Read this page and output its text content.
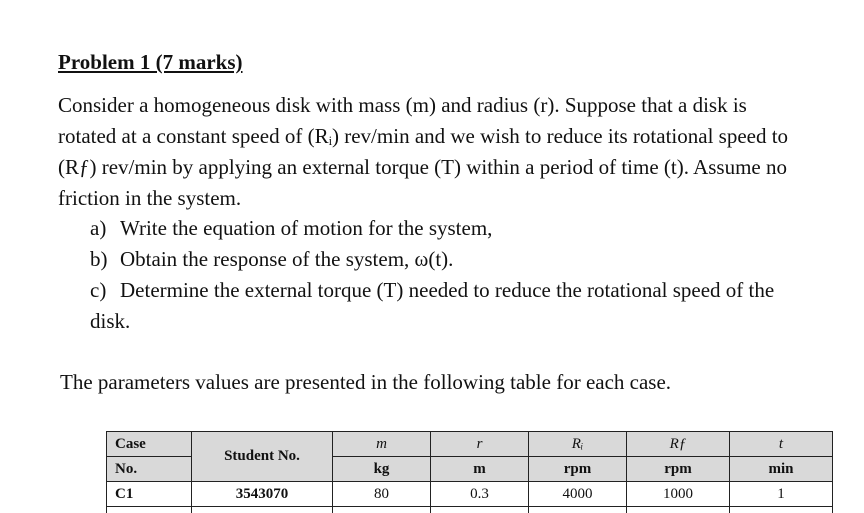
Problem 1 (7 marks)
Consider a homogeneous disk with mass (m) and radius (r). Suppose that a disk is
rotated at a constant speed of (Rᵢ) rev/min and we wish to reduce its rotational speed to
(Rƒ) rev/min by applying an external torque (T) within a period of time (t). Assume no
friction in the system.
a) Write the equation of motion for the system,
b) Obtain the response of the system, ω(t).
c) Determine the external torque (T) needed to reduce the rotational speed of the
disk.
The parameters values are presented in the following table for each case.
Case	Student No.	m	r	Rᵢ	Rƒ	t
No.		kg	m	rpm	rpm	min
C1	3543070	80	0.3	4000	1000	1
